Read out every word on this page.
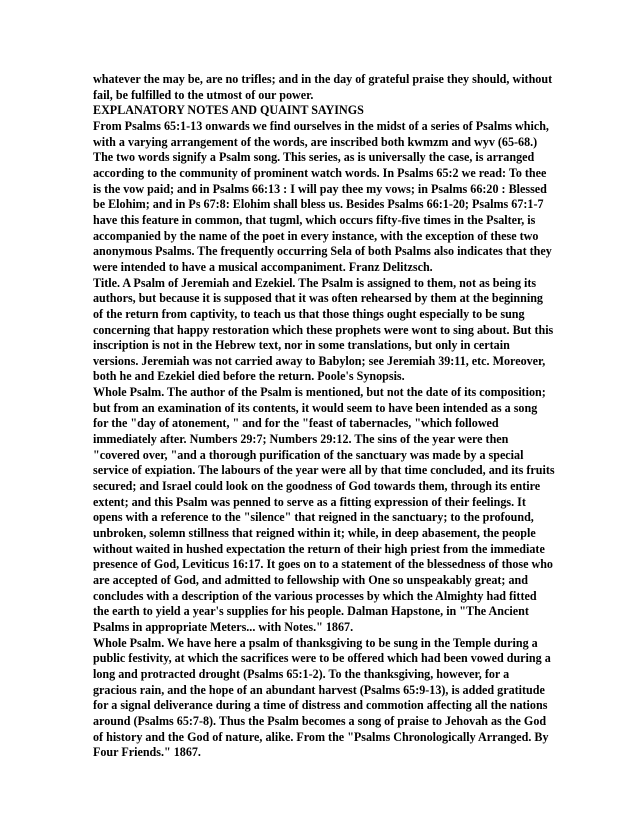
whatever the may be, are no trifles; and in the day of grateful praise they should, without fail, be fulfilled to the utmost of our power.

EXPLANATORY NOTES AND QUAINT SAYINGS

From Psalms 65:1-13 onwards we find ourselves in the midst of a series of Psalms which, with a varying arrangement of the words, are inscribed both kwmzm and wyv (65-68.) The two words signify a Psalm song. This series, as is universally the case, is arranged according to the community of prominent watch words. In Psalms 65:2 we read: To thee is the vow paid; and in Psalms 66:13 : I will pay thee my vows; in Psalms 66:20 : Blessed be Elohim; and in Ps 67:8: Elohim shall bless us. Besides Psalms 66:1-20; Psalms 67:1-7 have this feature in common, that tugml, which occurs fifty-five times in the Psalter, is accompanied by the name of the poet in every instance, with the exception of these two anonymous Psalms. The frequently occurring Sela of both Psalms also indicates that they were intended to have a musical accompaniment. Franz Delitzsch.

Title. A Psalm of Jeremiah and Ezekiel. The Psalm is assigned to them, not as being its authors, but because it is supposed that it was often rehearsed by them at the beginning of the return from captivity, to teach us that those things ought especially to be sung concerning that happy restoration which these prophets were wont to sing about. But this inscription is not in the Hebrew text, nor in some translations, but only in certain versions. Jeremiah was not carried away to Babylon; see Jeremiah 39:11, etc. Moreover, both he and Ezekiel died before the return. Poole's Synopsis.

Whole Psalm. The author of the Psalm is mentioned, but not the date of its composition; but from an examination of its contents, it would seem to have been intended as a song for the "day of atonement, " and for the "feast of tabernacles, "which followed immediately after. Numbers 29:7; Numbers 29:12. The sins of the year were then "covered over, "and a thorough purification of the sanctuary was made by a special service of expiation. The labours of the year were all by that time concluded, and its fruits secured; and Israel could look on the goodness of God towards them, through its entire extent; and this Psalm was penned to serve as a fitting expression of their feelings. It opens with a reference to the "silence" that reigned in the sanctuary; to the profound, unbroken, solemn stillness that reigned within it; while, in deep abasement, the people without waited in hushed expectation the return of their high priest from the immediate presence of God, Leviticus 16:17. It goes on to a statement of the blessedness of those who are accepted of God, and admitted to fellowship with One so unspeakably great; and concludes with a description of the various processes by which the Almighty had fitted the earth to yield a year's supplies for his people. Dalman Hapstone, in "The Ancient Psalms in appropriate Meters... with Notes." 1867.

Whole Psalm. We have here a psalm of thanksgiving to be sung in the Temple during a public festivity, at which the sacrifices were to be offered which had been vowed during a long and protracted drought (Psalms 65:1-2). To the thanksgiving, however, for a gracious rain, and the hope of an abundant harvest (Psalms 65:9-13), is added gratitude for a signal deliverance during a time of distress and commotion affecting all the nations around (Psalms 65:7-8). Thus the Psalm becomes a song of praise to Jehovah as the God of history and the God of nature, alike. From the "Psalms Chronologically Arranged. By Four Friends." 1867.
